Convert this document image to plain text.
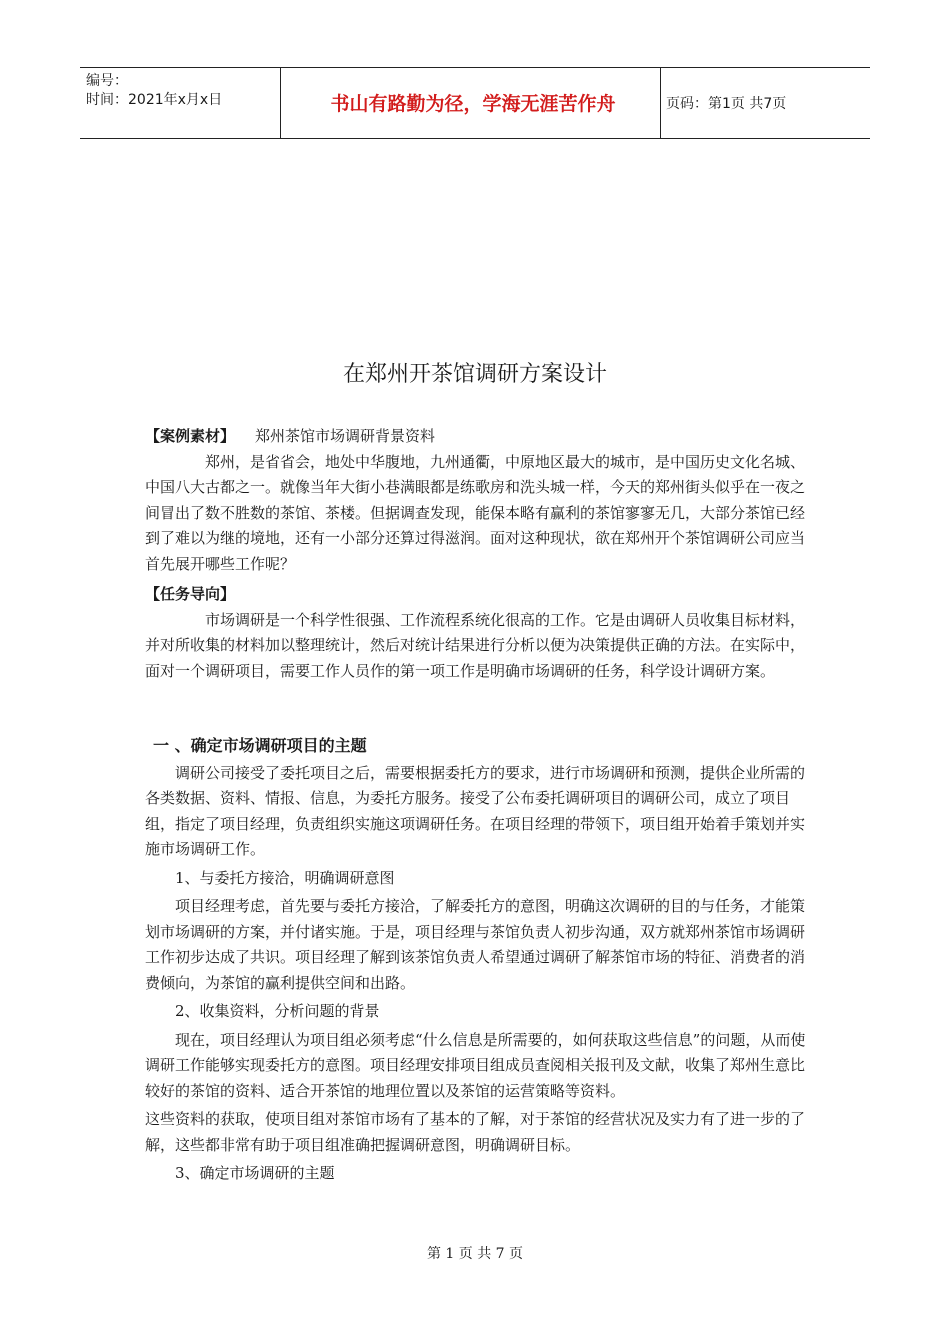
编号：
时间：2021年x月x日	书山有路勤为径，学海无涯苦作舟	页码：第1页 共7页
在郑州开茶馆调研方案设计

【案例素材】 郑州茶馆市场调研背景资料

郑州，是省省会，地处中华腹地，九州通衢，中原地区最大的城市，是中国历史文化名城、中国八大古都之一。就像当年大街小巷满眼都是练歌房和洗头城一样，今天的郑州街头似乎在一夜之间冒出了数不胜数的茶馆、茶楼。但据调查发现，能保本略有赢利的茶馆寥寥无几，大部分茶馆已经到了难以为继的境地，还有一小部分还算过得滋润。面对这种现状，欲在郑州开个茶馆调研公司应当首先展开哪些工作呢？

【任务导向】

市场调研是一个科学性很强、工作流程系统化很高的工作。它是由调研人员收集目标材料，并对所收集的材料加以整理统计，然后对统计结果进行分析以便为决策提供正确的方法。在实际中，面对一个调研项目，需要工作人员作的第一项工作是明确市场调研的任务，科学设计调研方案。

一 、确定市场调研项目的主题

调研公司接受了委托项目之后，需要根据委托方的要求，进行市场调研和预测，提供企业所需的各类数据、资料、情报、信息，为委托方服务。接受了公布委托调研项目的调研公司，成立了项目组，指定了项目经理，负责组织实施这项调研任务。在项目经理的带领下，项目组开始着手策划并实施市场调研工作。

1、与委托方接洽，明确调研意图

项目经理考虑，首先要与委托方接洽，了解委托方的意图，明确这次调研的目的与任务，才能策划市场调研的方案，并付诸实施。于是，项目经理与茶馆负责人初步沟通，双方就郑州茶馆市场调研工作初步达成了共识。项目经理了解到该茶馆负责人希望通过调研了解茶馆市场的特征、消费者的消费倾向，为茶馆的赢利提供空间和出路。

2、收集资料，分析问题的背景

现在，项目经理认为项目组必须考虑“什么信息是所需要的，如何获取这些信息”的问题，从而使调研工作能够实现委托方的意图。项目经理安排项目组成员查阅相关报刊及文献，收集了郑州生意比较好的茶馆的资料、适合开茶馆的地理位置以及茶馆的运营策略等资料。

这些资料的获取，使项目组对茶馆市场有了基本的了解，对于茶馆的经营状况及实力有了进一步的了解，这些都非常有助于项目组准确把握调研意图，明确调研目标。

3、确定市场调研的主题

第 1 页 共 7 页
